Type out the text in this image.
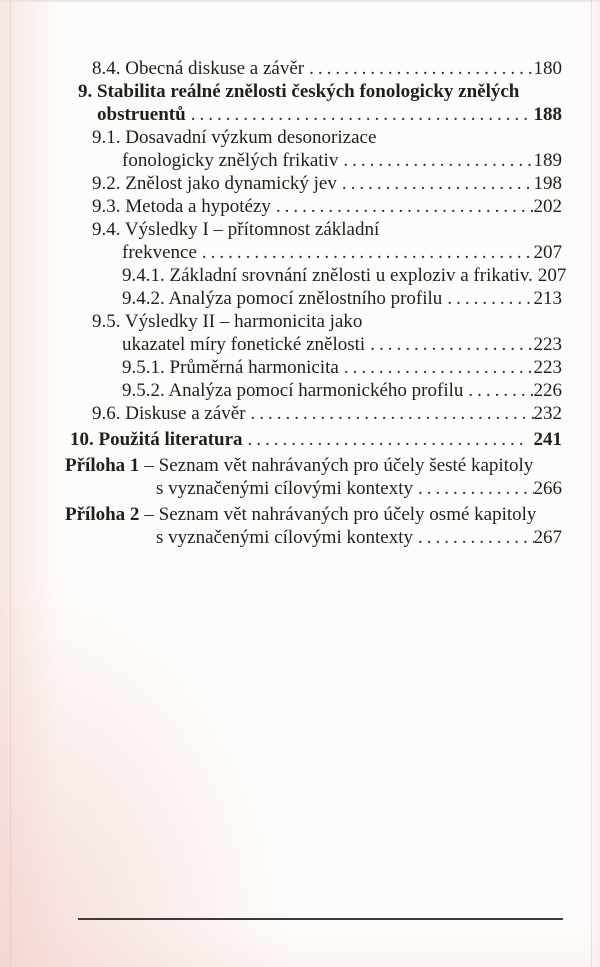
8.4. Obecná diskuse a závěr .....	180
9. Stabilita reálné znělosti českých fonologicky znělých
obstruentů .....	188
9.1. Dosavadní výzkum desonorizace
fonologicky znělých frikativ .....	189
9.2. Znělost jako dynamický jev .....	198
9.3. Metoda a hypotézy .....	202
9.4. Výsledky I – přítomnost základní
frekvence .....	207
9.4.1. Základní srovnání znělosti u exploziv a frikativ. ..... 207
9.4.2. Analýza pomocí znělostního profilu .....	213
9.5. Výsledky II – harmonicita jako
ukazatel míry fonetické znělosti .....	223
9.5.1. Průměrná harmonicita .....	223
9.5.2. Analýza pomocí harmonického profilu .....	226
9.6. Diskuse a závěr .....	232
10. Použitá literatura .....	241
Příloha 1 – Seznam vět nahrávaných pro účely šesté kapitoly
s vyznačenými cílovými kontexty .....	266
Příloha 2 – Seznam vět nahrávaných pro účely osmé kapitoly
s vyznačenými cílovými kontexty .....	267
